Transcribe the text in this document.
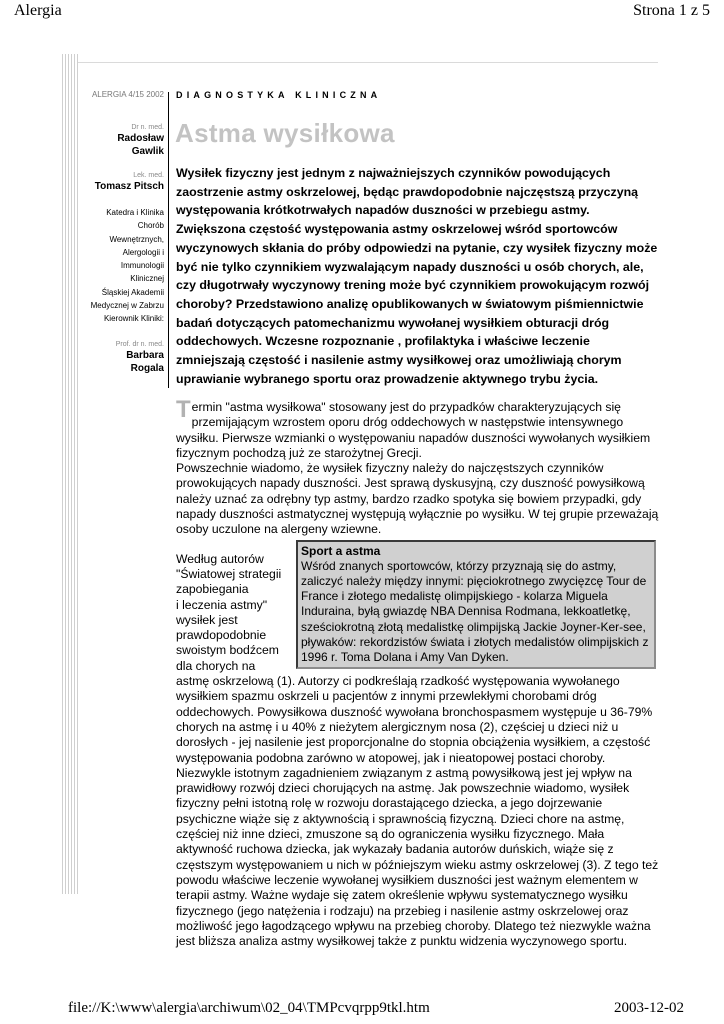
Alergia	Strona 1 z 5
ALERGIA 4/15 2002
Dr n. med.
Radosław
Gawlik
Lek. med.
Tomasz Pitsch
Katedra i Klinika
Chorób
Wewnętrznych,
Alergologii i
Immunologii
Klinicznej
Śląskiej Akademii
Medycznej w Zabrzu
Kierownik Kliniki:
Prof. dr n. med.
Barbara
Rogala
DIAGNOSTYKA KLINICZNA
Astma wysiłkowa
Wysiłek fizyczny jest jednym z najważniejszych czynników powodujących zaostrzenie astmy oskrzelowej, będąc prawdopodobnie najczęstszą przyczyną występowania krótkotrwałych napadów duszności w przebiegu astmy. Zwiększona częstość występowania astmy oskrzelowej wśród sportowców wyczynowych skłania do próby odpowiedzi na pytanie, czy wysiłek fizyczny może być nie tylko czynnikiem wyzwalającym napady duszności u osób chorych, ale, czy długotrwały wyczynowy trening może być czynnikiem prowokującym rozwój choroby? Przedstawiono analizę opublikowanych w światowym piśmiennictwie badań dotyczących patomechanizmu wywołanej wysiłkiem obturacji dróg oddechowych. Wczesne rozpoznanie , profilaktyka i właściwe leczenie zmniejszają częstość i nasilenie astmy wysiłkowej oraz umożliwiają chorym uprawianie wybranego sportu oraz prowadzenie aktywnego trybu życia.
T ermin "astma wysiłkowa" stosowany jest do przypadków charakteryzujących się przemijającym wzrostem oporu dróg oddechowych w następstwie intensywnego wysiłku. Pierwsze wzmianki o występowaniu napadów duszności wywołanych wysiłkiem fizycznym pochodzą już ze starożytnej Grecji.

Powszechnie wiadomo, że wysiłek fizyczny należy do najczęstszych czynników prowokujących napady duszności. Jest sprawą dyskusyjną, czy duszność powysiłkową należy uznać za odrębny typ astmy, bardzo rzadko spotyka się bowiem przypadki, gdy napady duszności astmatycznej występują wyłącznie po wysiłku. W tej grupie przeważają osoby uczulone na alergeny wziewne.

Sport a astma
Wśród znanych sportowców, którzy przyznają się do astmy, zaliczyć należy między innymi: pięciokrotnego zwycięzcę Tour de France i złotego medalistę olimpijskiego - kolarza Miguela Induraina, byłą gwiazdę NBA Dennisa Rodmana, lekkoatletkę, sześciokrotną złotą medalistkę olimpijską Jackie Joyner-Ker-see, pływaków: rekordzistów świata i złotych medalistów olimpijskich z 1996 r. Toma Dolana i Amy Van Dyken.
Według autorów
"Światowej strategii
zapobiegania
i leczenia astmy"
wysiłek jest
prawdopodobnie
swoistym bodźcem
dla chorych na

astmę oskrzelową (1). Autorzy ci podkreślają rzadkość występowania wywołanego wysiłkiem spazmu oskrzeli u pacjentów z innymi przewlekłymi chorobami dróg oddechowych. Powysiłkowa duszność wywołana bronchospasmem występuje u 36-79% chorych na astmę i u 40% z nieżytem alergicznym nosa (2), częściej u dzieci niż u dorosłych - jej nasilenie jest proporcjonalne do stopnia obciążenia wysiłkiem, a częstość występowania podobna zarówno w atopowej, jak i nieatopowej postaci choroby.

Niezwykle istotnym zagadnieniem związanym z astmą powysiłkową jest jej wpływ na prawidłowy rozwój dzieci chorujących na astmę. Jak powszechnie wiadomo, wysiłek fizyczny pełni istotną rolę w rozwoju dorastającego dziecka, a jego dojrzewanie psychiczne wiąże się z aktywnością i sprawnością fizyczną. Dzieci chore na astmę, częściej niż inne dzieci, zmuszone są do ograniczenia wysiłku fizycznego. Mała aktywność ruchowa dziecka, jak wykazały badania autorów duńskich, wiąże się z częstszym występowaniem u nich w późniejszym wieku astmy oskrzelowej (3). Z tego też powodu właściwe leczenie wywołanej wysiłkiem duszności jest ważnym elementem w terapii astmy. Ważne wydaje się zatem określenie wpływu systematycznego wysiłku fizycznego (jego natężenia i rodzaju) na przebieg i nasilenie astmy oskrzelowej oraz możliwość jego łagodzącego wpływu na przebieg choroby. Dlatego też niezwykle ważna jest bliższa analiza astmy wysiłkowej także z punktu widzenia wyczynowego sportu.

file://K:\www\alergia\archiwum\02_04\TMPcvqrpp9tkl.htm	2003-12-02
